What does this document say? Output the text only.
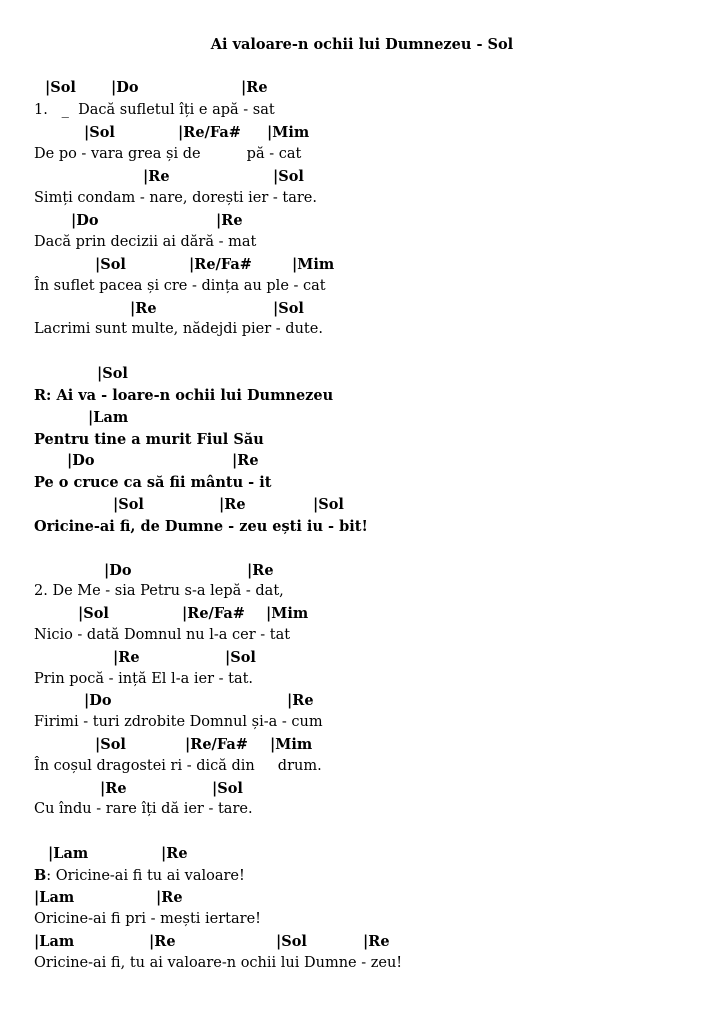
Ai valoare-n ochii lui Dumnezeu - Sol
|Sol |Do	|Re
1.   _  Dacă sufletul îți e apă - sat
|Sol	|Re/Fa# |Mim
De po - vara grea și de          pă - cat
|Re	|Sol
Simți condam - nare, dorești ier - tare.
|Do	|Re
Dacă prin decizii ai dără - mat
|Sol	|Re/Fa#	|Mim
În suflet pacea și cre - dința au ple - cat
|Re	|Sol
Lacrimi sunt multe, nădejdi pier - dute.
|Sol
R: Ai va - loare-n ochii lui Dumnezeu
|Lam
Pentru tine a murit Fiul Său
|Do	|Re
Pe o cruce ca să fii mântu - it
|Sol	|Re	|Sol
Oricine-ai fi, de Dumne - zeu ești iu - bit!
|Do	|Re
2. De Me - sia Petru s-a lepă - dat,
|Sol	|Re/Fa# |Mim
Nicio - dată Domnul nu l-a cer - tat
|Re	|Sol
Prin pocă - ință El l-a ier - tat.
|Do	|Re
Firimi - turi zdrobite Domnul și-a - cum
|Sol	|Re/Fa# |Mim
În coșul dragostei ri - dică din     drum.
|Re	|Sol
Cu îndu - rare îți dă ier - tare.
|Lam	|Re
B: Oricine-ai fi tu ai valoare!
|Lam	|Re
Oricine-ai fi pri - mești iertare!
|Lam	|Re	|Sol	|Re
Oricine-ai fi, tu ai valoare-n ochii lui Dumne - zeu!
